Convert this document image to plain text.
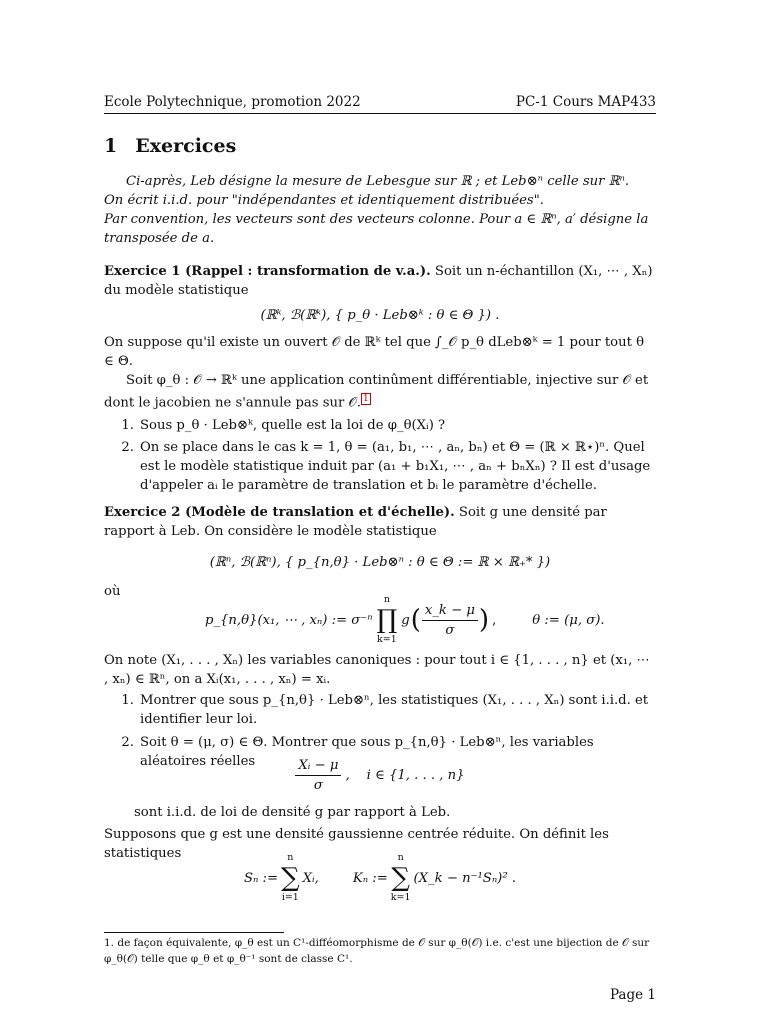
Ecole Polytechnique, promotion 2022	PC-1 Cours MAP433
1 Exercices

Ci-après, Leb désigne la mesure de Lebesgue sur ℝ ; et Leb⊗ⁿ celle sur ℝⁿ.

On écrit i.i.d. pour "indépendantes et identiquement distribuées".

Par convention, les vecteurs sont des vecteurs colonne. Pour a ∈ ℝⁿ, a′ désigne la transposée de a.

Exercice 1 (Rappel : transformation de v.a.). Soit un n-échantillon (X₁, ⋯ , Xₙ) du modèle statistique

(ℝᵏ, ℬ(ℝᵏ), { p_θ · Leb⊗ᵏ : θ ∈ Θ }) .

On suppose qu'il existe un ouvert 𝒪 de ℝᵏ tel que ∫_𝒪 p_θ dLeb⊗ᵏ = 1 pour tout θ ∈ Θ.

Soit φ_θ : 𝒪 → ℝᵏ une application continûment différentiable, injective sur 𝒪 et dont le jacobien ne s'annule pas sur 𝒪. $^1$

1. Sous p_θ · Leb⊗ᵏ, quelle est la loi de φ_θ(Xᵢ) ?
2. On se place dans le cas k = 1, θ = (a₁, b₁, ⋯ , aₙ, bₙ) et Θ = (ℝ × ℝ⋆)ⁿ. Quel est le modèle statistique induit par (a₁ + b₁X₁, ⋯ , aₙ + bₙXₙ) ? Il est d'usage d'appeler aᵢ le paramètre de translation et bᵢ le paramètre d'échelle.

Exercice 2 (Modèle de translation et d'échelle). Soit g une densité par rapport à Leb. On considère le modèle statistique

(ℝⁿ, ℬ(ℝⁿ), { p_{n,θ} · Leb⊗ⁿ : θ ∈ Θ := ℝ × ℝ₊* })

où

p_{n,θ}(x₁, ⋯ , xₙ) := σ⁻ⁿ
n
∏
k=1
g ( $\frac{x\_k - \mu}{\sigma}$ ) ,	θ := (μ, σ).

On note (X₁, . . . , Xₙ) les variables canoniques : pour tout i ∈ {1, . . . , n} et (x₁, ⋯ , xₙ) ∈ ℝⁿ, on a Xᵢ(x₁, . . . , xₙ) = xᵢ.

1. Montrer que sous p_{n,θ} · Leb⊗ⁿ, les statistiques (X₁, . . . , Xₙ) sont i.i.d. et identifier leur loi.
2. Soit θ = (μ, σ) ∈ Θ. Montrer que sous p_{n,θ} · Leb⊗ⁿ, les variables aléatoires réelles	$\frac{\text{Xᵢ − μ}}{\sigma}$ ,    i ∈ {1, . . . , n}
sont i.i.d. de loi de densité g par rapport à Leb.
Supposons que g est une densité gaussienne centrée réduite. On définit les statistiques
Sₙ :=
n
∑
i=1
Xᵢ,	Kₙ :=
n
∑
k=1
(X_k − n⁻¹Sₙ)² .
1. de façon équivalente, φ_θ est un C¹-difféomorphisme de 𝒪 sur φ_θ(𝒪) i.e. c'est une bijection de 𝒪 sur φ_θ(𝒪) telle que φ_θ et φ_θ⁻¹ sont de classe C¹.
Page 1
